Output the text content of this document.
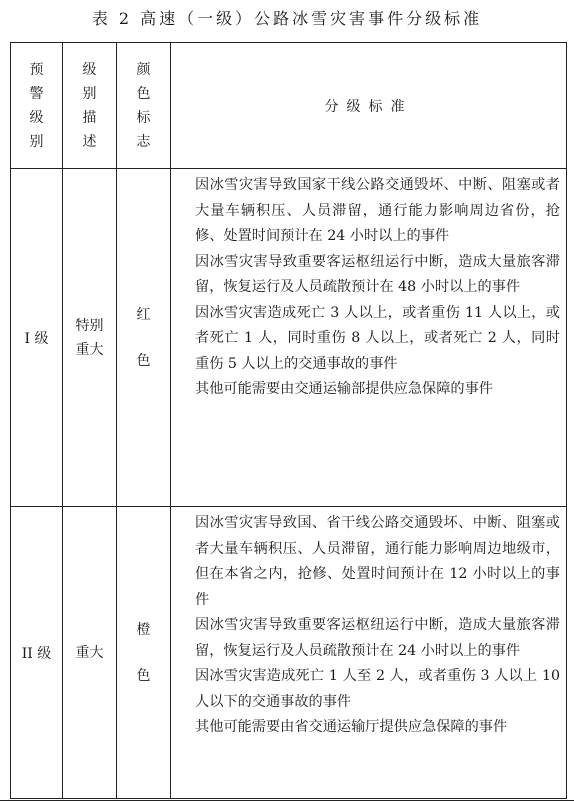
表 2 高速（一级）公路冰雪灾害事件分级标准
预
警
级
别	级
别
描
述	颜
色
标
志	分级标准
I 级	特别
重大	红
色	因冰雪灾害导致国家干线公路交通毁坏、中断、阻塞或者大量车辆积压、人员滞留，通行能力影响周边省份，抢修、处置时间预计在 24 小时以上的事件
因冰雪灾害导致重要客运枢纽运行中断，造成大量旅客滞留，恢复运行及人员疏散预计在 48 小时以上的事件
因冰雪灾害造成死亡 3 人以上，或者重伤 11 人以上，或者死亡 1 人，同时重伤 8 人以上，或者死亡 2 人，同时重伤 5 人以上的交通事故的事件
其他可能需要由交通运输部提供应急保障的事件

II 级	重大	橙
色	因冰雪灾害导致国、省干线公路交通毁坏、中断、阻塞或者大量车辆积压、人员滞留，通行能力影响周边地级市，但在本省之内，抢修、处置时间预计在 12 小时以上的事件
因冰雪灾害导致重要客运枢纽运行中断，造成大量旅客滞留，恢复运行及人员疏散预计在 24 小时以上的事件
因冰雪灾害造成死亡 1 人至 2 人，或者重伤 3 人以上 10 人以下的交通事故的事件
其他可能需要由省交通运输厅提供应急保障的事件
